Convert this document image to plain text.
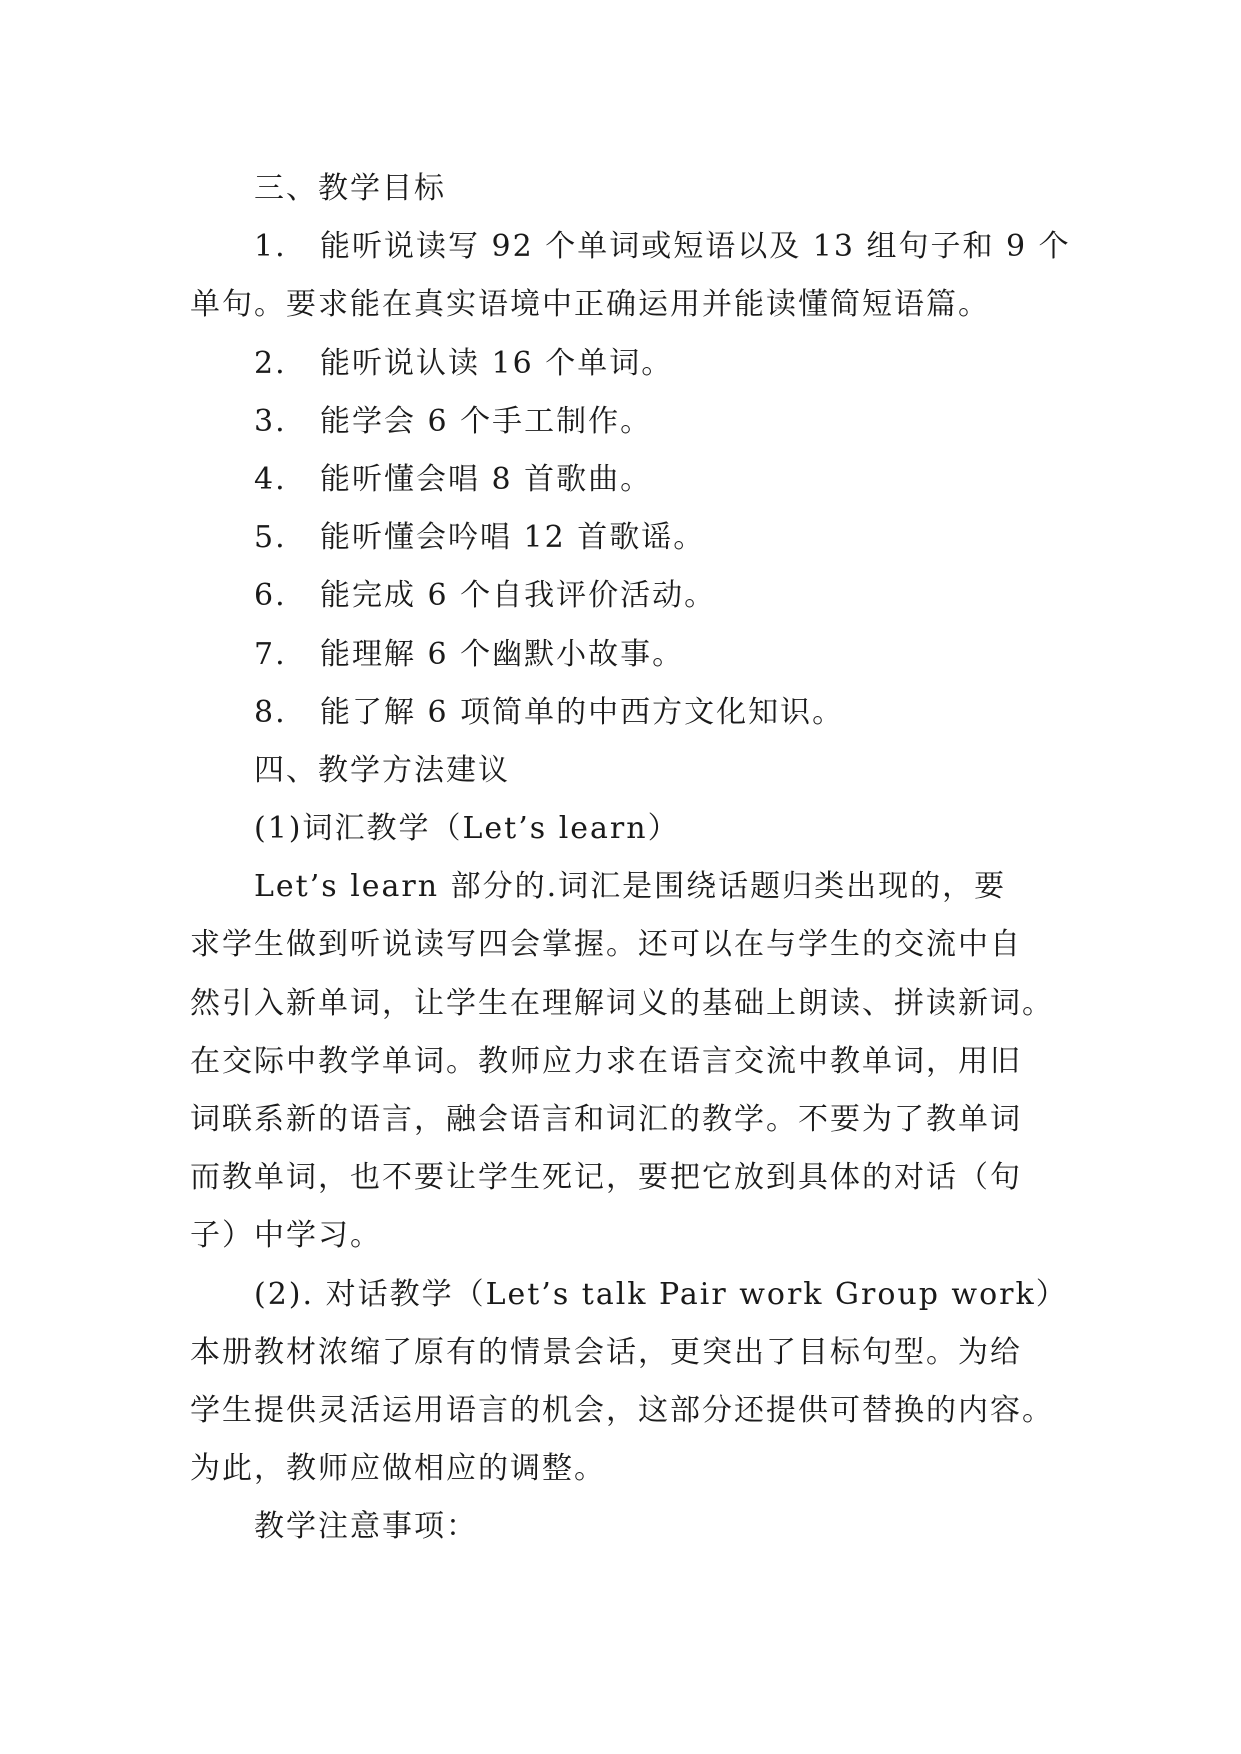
三、教学目标
1. 能听说读写 92 个单词或短语以及 13 组句子和 9 个
单句。要求能在真实语境中正确运用并能读懂简短语篇。
2. 能听说认读 16 个单词。
3. 能学会 6 个手工制作。
4. 能听懂会唱 8 首歌曲。
5. 能听懂会吟唱 12 首歌谣。
6. 能完成 6 个自我评价活动。
7. 能理解 6 个幽默小故事。
8. 能了解 6 项简单的中西方文化知识。
四、教学方法建议
(1)词汇教学（Let’s learn）
Let’s learn 部分的.词汇是围绕话题归类出现的，要
求学生做到听说读写四会掌握。还可以在与学生的交流中自
然引入新单词，让学生在理解词义的基础上朗读、拼读新词。
在交际中教学单词。教师应力求在语言交流中教单词，用旧
词联系新的语言，融会语言和词汇的教学。不要为了教单词
而教单词，也不要让学生死记，要把它放到具体的对话（句
子）中学习。
(2). 对话教学（Let’s talk Pair work Group work）
本册教材浓缩了原有的情景会话，更突出了目标句型。为给
学生提供灵活运用语言的机会，这部分还提供可替换的内容。
为此，教师应做相应的调整。
教学注意事项：
